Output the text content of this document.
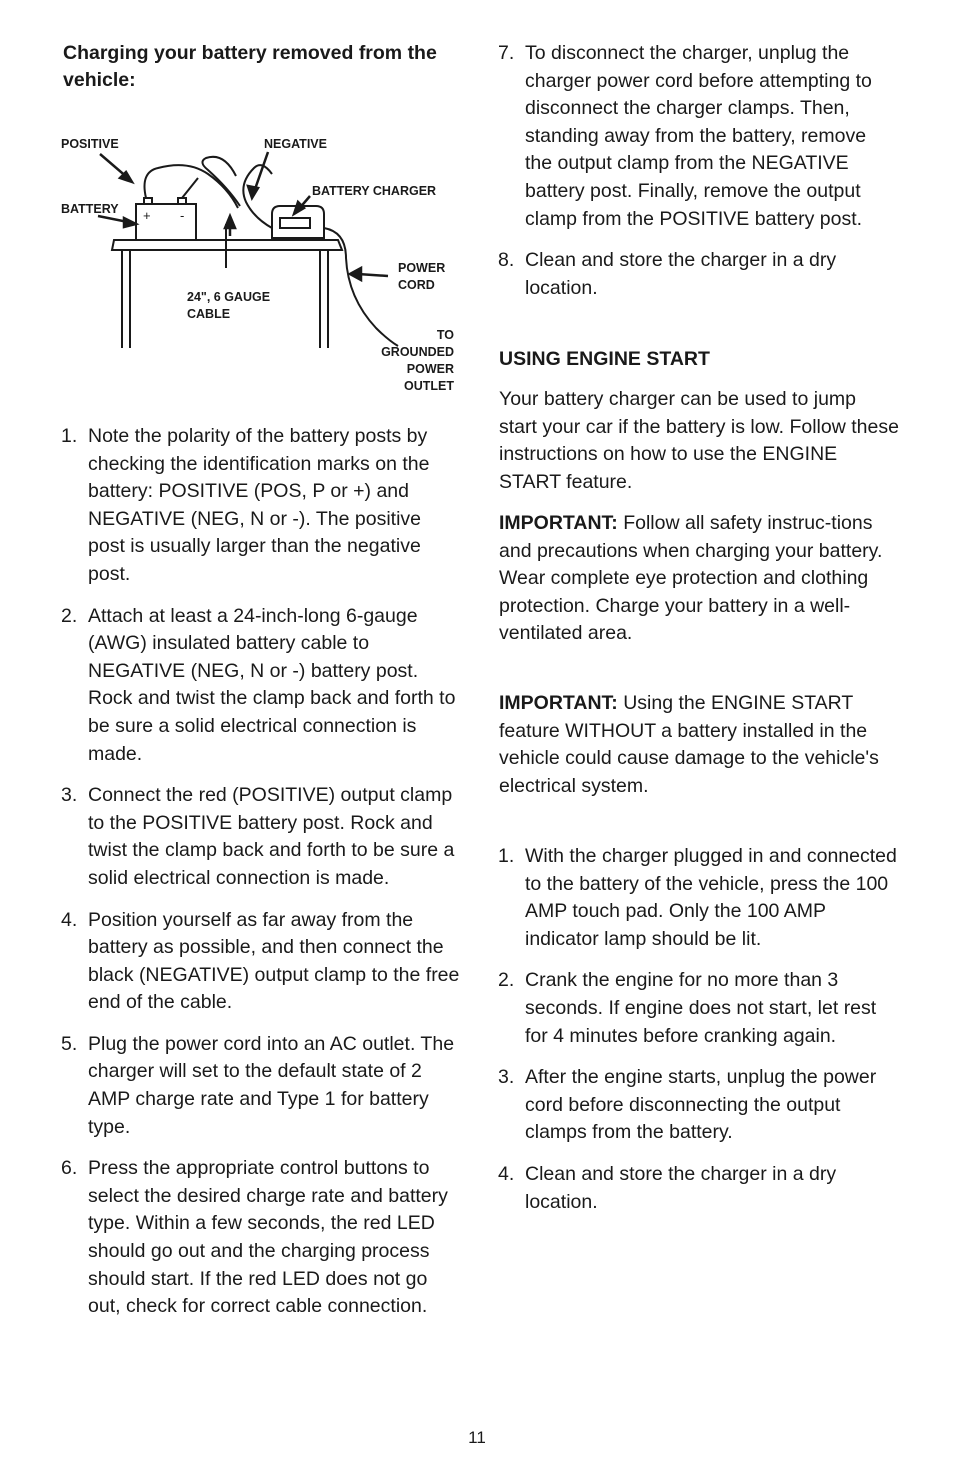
Charging your battery removed from the vehicle:
+ -
POSITIVE	NEGATIVE
BATTERY CHARGER
BATTERY
POWER
CORD
24", 6 GAUGE
CABLE
TO
GROUNDED
POWER
OUTLET
1. Note the polarity of the battery posts by checking the identification marks on the battery: POSITIVE (POS, P or +) and NEGATIVE (NEG, N or -). The positive post is usually larger than the negative post.
2. Attach at least a 24-inch-long 6-gauge (AWG) insulated battery cable to NEGATIVE (NEG, N or -) battery post. Rock and twist the clamp back and forth to be sure a solid electrical connection is made.
3. Connect the red (POSITIVE) output clamp to the POSITIVE battery post. Rock and twist the clamp back and forth to be sure a solid electrical connection is made.
4. Position yourself as far away from the battery as possible, and then connect the black (NEGATIVE) output clamp to the free end of the cable.
5. Plug the power cord into an AC outlet. The charger will set to the default state of 2 AMP charge rate and Type 1 for battery type.
6. Press the appropriate control buttons to select the desired charge rate and battery type. Within a few seconds, the red LED should go out and the charging process should start. If the red LED does not go out, check for correct cable connection.
7. To disconnect the charger, unplug the charger power cord before attempting to disconnect the charger clamps. Then, standing away from the battery, remove the output clamp from the NEGATIVE battery post. Finally, remove the output clamp from the POSITIVE battery post.
8. Clean and store the charger in a dry location.
USING ENGINE START

Your battery charger can be used to jump start your car if the battery is low. Follow these instructions on how to use the ENGINE START feature.

IMPORTANT: Follow all safety instruc-tions and precautions when charging your battery. Wear complete eye protection and clothing protection. Charge your battery in a well-ventilated area.

IMPORTANT: Using the ENGINE START feature WITHOUT a battery installed in the vehicle could cause damage to the vehicle's electrical system.

1. With the charger plugged in and connected to the battery of the vehicle, press the 100 AMP touch pad. Only the 100 AMP indicator lamp should be lit.
2. Crank the engine for no more than 3 seconds. If engine does not start, let rest for 4 minutes before cranking again.
3. After the engine starts, unplug the power cord before disconnecting the output clamps from the battery.
4. Clean and store the charger in a dry location.
11
